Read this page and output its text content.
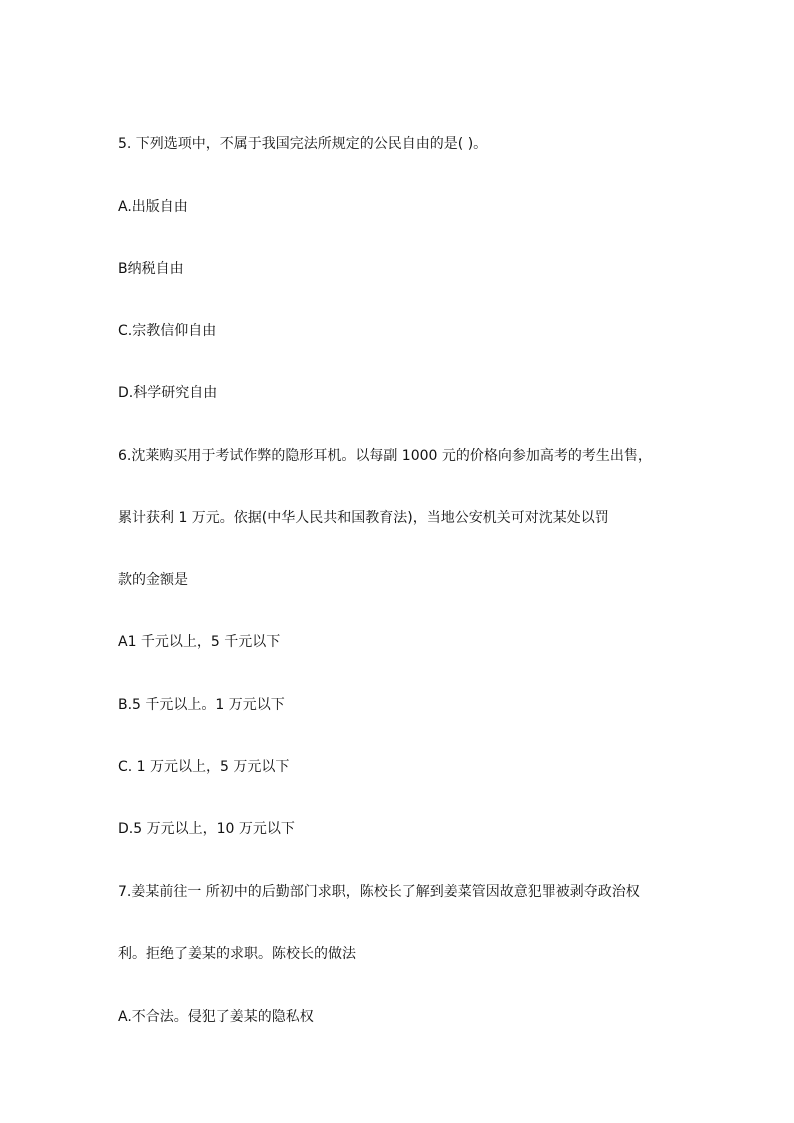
5. 下列选项中，不属于我国完法所规定的公民自由的是( )。
A.出版自由
B纳税自由
C.宗教信仰自由
D.科学研究自由
6.沈莱购买用于考试作弊的隐形耳机。以每副 1000 元的价格向参加高考的考生出售，
累计获利 1 万元。依据(中华人民共和国教育法)，当地公安机关可对沈某处以罚
款的金额是
A1 千元以上，5 千元以下
B.5 千元以上。1 万元以下
C. 1 万元以上，5 万元以下
D.5 万元以上，10 万元以下
7.姜某前往一 所初中的后勤部门求职，陈校长了解到姜菜管因故意犯罪被剥夺政治权
利。拒绝了姜某的求职。陈校长的做法
A.不合法。侵犯了姜某的隐私权
